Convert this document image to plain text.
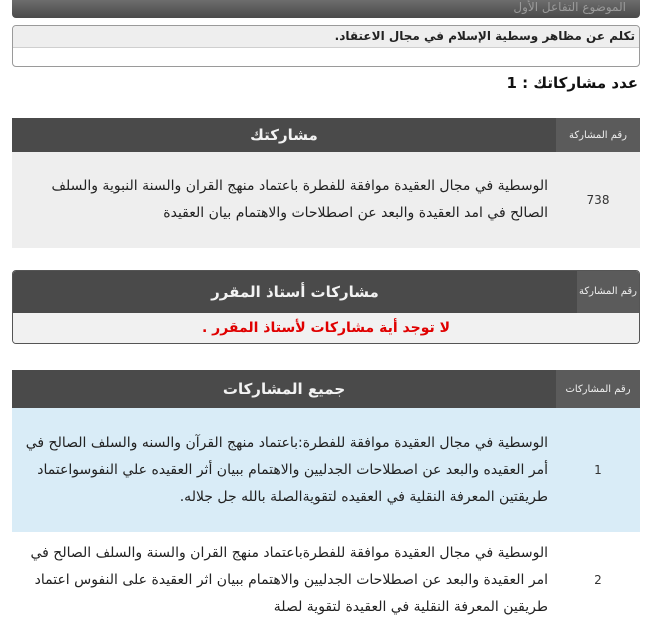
الموضوع التفاعل الأول
تكلم عن مظاهر وسطية الإسلام في مجال الاعتقاد.
عدد مشاركاتك : 1
رقم المشاركة	مشاركتك
738	الوسطية في مجال العقيدة موافقة للفطرة باعتماد منهج القران والسنة النبوية والسلف الصالح في امد العقيدة والبعد عن اصطلاحات والاهتمام بيان العقيدة
رقم المشاركة	مشاركات أستاذ المقرر
لا توجد أية مشاركات لأستاذ المقرر .
رقم المشاركات	جميع المشاركات
1	الوسطية في مجال العقيدة موافقة للفطرة:باعتماد منهج القرآن والسنه والسلف الصالح في أمر العقيده والبعد عن اصطلاحات الجدليين والاهتمام ببيان أثر العقيده علي النفوسواعتماد طريقتين المعرفة النقلية في العقيده لتقويةالصلة بالله جل جلاله.
2	الوسطية في مجال العقيدة موافقة للفطرةباعتماد منهج القران والسنة والسلف الصالح في امر العقيدة والبعد عن اصطلاحات الجدليين والاهتمام ببيان اثر العقيدة على النفوس اعتماد طريقين المعرفة النقلية في العقيدة لتقوية لصلة
